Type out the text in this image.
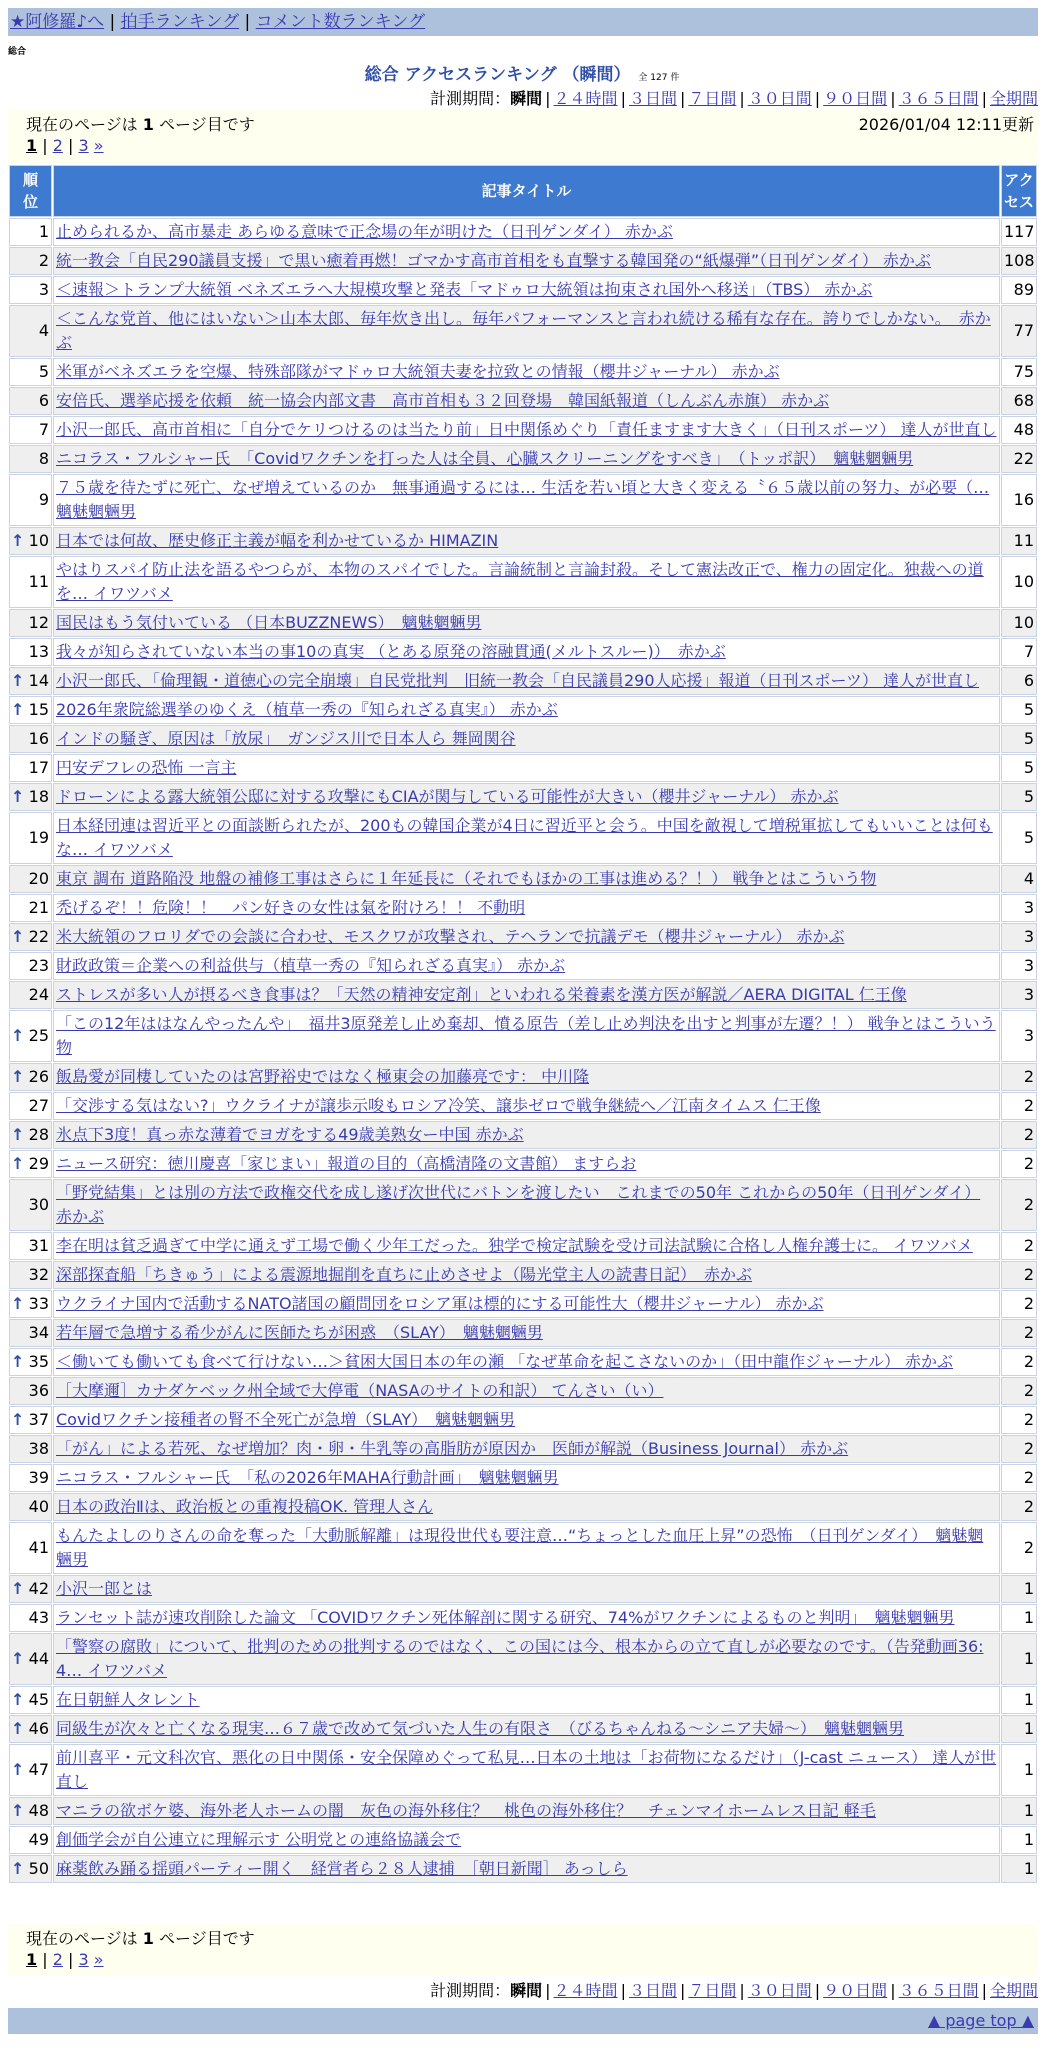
★阿修羅♪へ | 拍手ランキング | コメント数ランキング
総合
総合 アクセスランキング （瞬間） 全 127 件
計測期間：瞬間 | ２４時間 | ３日間 | ７日間 | ３０日間 | ９０日間 | ３６５日間 | 全期間
現在のページは 1 ページ目です	2026/01/04 12:11更新
1 | 2 | 3 »
順位	記事タイトル	アクセス
1	止められるか、高市暴走 あらゆる意味で正念場の年が明けた（日刊ゲンダイ） 赤かぶ	117
2	統一教会「自民290議員支援」で黒い癒着再燃！ゴマかす高市首相をも直撃する韓国発の“紙爆弾”（日刊ゲンダイ） 赤かぶ	108
3	＜速報＞トランプ大統領 ベネズエラへ大規模攻撃と発表「マドゥロ大統領は拘束され国外へ移送」（TBS） 赤かぶ	89
4	＜こんな党首、他にはいない＞山本太郎、毎年炊き出し。毎年パフォーマンスと言われ続ける稀有な存在。誇りでしかない。　赤かぶ	77
5	米軍がベネズエラを空爆、特殊部隊がマドゥロ大統領夫妻を拉致との情報（櫻井ジャーナル） 赤かぶ	75
6	安倍氏、選挙応援を依頼　統一協会内部文書　高市首相も３２回登場　韓国紙報道（しんぶん赤旗） 赤かぶ	68
7	小沢一郎氏、高市首相に「自分でケリつけるのは当たり前」日中関係めぐり「責任ますます大きく」（日刊スポーツ） 達人が世直し	48
8	ニコラス・フルシャー氏　「Covidワクチンを打った人は全員、心臓スクリーニングをすべき」　（トッポ訳）　魑魅魍魎男	22
9	７５歳を待たずに死亡、なぜ増えているのか　無事通過するには… 生活を若い頃と大きく変える〝６５歳以前の努力〟が必要（… 魑魅魍魎男	16

↑ 10	日本では何故、歴史修正主義が幅を利かせているか HIMAZIN	11
11	やはりスパイ防止法を語るやつらが、本物のスパイでした。言論統制と言論封殺。そして憲法改正で、権力の固定化。独裁への道を… イワツバメ	10
12	国民はもう気付いている （日本BUZZNEWS）　魑魅魍魎男	10
13	我々が知らされていない本当の事10の真実 （とある原発の溶融貫通(メルトスルー)）　赤かぶ	7

↑ 14	小沢一郎氏、「倫理観・道徳心の完全崩壊」自民党批判　旧統一教会「自民議員290人応援」報道（日刊スポーツ） 達人が世直し	6

↑ 15	2026年衆院総選挙のゆくえ（植草一秀の『知られざる真実』） 赤かぶ	5
16	インドの騒ぎ、原因は「放尿」　ガンジス川で日本人ら 舞岡関谷	5
17	円安デフレの恐怖 一言主	5

↑ 18	ドローンによる露大統領公邸に対する攻撃にもCIAが関与している可能性が大きい（櫻井ジャーナル） 赤かぶ	5
19	日本経団連は習近平との面談断られたが、200もの韓国企業が4日に習近平と会う。中国を敵視して増税軍拡してもいいことは何もな… イワツバメ	5
20	東京 調布 道路陥没 地盤の補修工事はさらに１年延長に（それでもほかの工事は進める？！） 戦争とはこういう物	4
21	禿げるぞ！！危険！！　パン好きの女性は氣を附けろ！！ 不動明	3

↑ 22	米大統領のフロリダでの会談に合わせ、モスクワが攻撃され、テヘランで抗議デモ（櫻井ジャーナル） 赤かぶ	3
23	財政政策＝企業への利益供与（植草一秀の『知られざる真実』） 赤かぶ	3
24	ストレスが多い人が摂るべき食事は？「天然の精神安定剤」といわれる栄養素を漢方医が解説／AERA DIGITAL 仁王像	3

↑ 25	「この12年ははなんやったんや」　福井3原発差し止め棄却、憤る原告（差し止め判決を出すと判事が左遷？！） 戦争とはこういう物	3

↑ 26	飯島愛が同棲していたのは宮野裕史ではなく極東会の加藤亮です： 中川隆	2
27	「交渉する気はない?」ウクライナが譲歩示唆もロシア冷笑、譲歩ゼロで戦争継続へ／江南タイムス 仁王像	2

↑ 28	氷点下3度！真っ赤な薄着でヨガをする49歳美熟女ー中国 赤かぶ	2

↑ 29	ニュース研究：徳川慶喜「家じまい」報道の目的（高橋清隆の文書館） ますらお	2
30	「野党結集」とは別の方法で政権交代を成し遂げ次世代にバトンを渡したい　これまでの50年 これからの50年（日刊ゲンダイ） 赤かぶ	2
31	李在明は貧乏過ぎて中学に通えず工場で働く少年工だった。独学で検定試験を受け司法試験に合格し人権弁護士に。 イワツバメ	2
32	深部探査船「ちきゅう」による震源地掘削を直ちに止めさせよ（陽光堂主人の読書日記）　赤かぶ	2

↑ 33	ウクライナ国内で活動するNATO諸国の顧問団をロシア軍は標的にする可能性大（櫻井ジャーナル） 赤かぶ	2
34	若年層で急増する希少がんに医師たちが困惑　（SLAY）　魑魅魍魎男	2

↑ 35	＜働いても働いても食べて行けない…＞貧困大国日本の年の瀬 「なぜ革命を起こさないのか」（田中龍作ジャーナル） 赤かぶ	2
36	［大摩邇］カナダケベック州全域で大停電（NASAのサイトの和訳） てんさい（い）	2

↑ 37	Covidワクチン接種者の腎不全死亡が急増（SLAY）　魑魅魍魎男	2
38	「がん」による若死、なぜ増加？肉・卵・牛乳等の高脂肪が原因か　医師が解説（Business Journal） 赤かぶ	2
39	ニコラス・フルシャー氏　「私の2026年MAHA行動計画」　魑魅魍魎男	2
40	日本の政治Ⅱは、政治板との重複投稿OK. 管理人さん	2
41	もんたよしのりさんの命を奪った「大動脈解離」は現役世代も要注意…“ちょっとした血圧上昇”の恐怖　（日刊ゲンダイ）　魑魅魍魎男	2

↑ 42	小沢一郎とは	1
43	ランセット誌が速攻削除した論文 「COVIDワクチン死体解剖に関する研究、74%がワクチンによるものと判明」　魑魅魍魎男	1

↑ 44	「警察の腐敗」について、批判のための批判するのではなく、この国には今、根本からの立て直しが必要なのです。（告発動画36:4… イワツバメ	1

↑ 45	在日朝鮮人タレント	1

↑ 46	同級生が次々と亡くなる現実…６７歳で改めて気づいた人生の有限さ　（びるちゃんねる～シニア夫婦～）　魑魅魍魎男	1

↑ 47	前川喜平・元文科次官、悪化の日中関係・安全保障めぐって私見…日本の土地は「お荷物になるだけ」（J-cast ニュース） 達人が世直し	1

↑ 48	マニラの欲ボケ婆、海外老人ホームの闇　灰色の海外移住？　桃色の海外移住？　チェンマイホームレス日記 軽毛	1
49	創価学会が自公連立に理解示す 公明党との連絡協議会で	1

↑ 50	麻薬飲み踊る揺頭パーティー開く　経営者ら２８人逮捕　［朝日新聞］ あっしら	1
現在のページは 1 ページ目です
1 | 2 | 3 »
計測期間：瞬間 | ２４時間 | ３日間 | ７日間 | ３０日間 | ９０日間 | ３６５日間 | 全期間
▲ page top ▲
